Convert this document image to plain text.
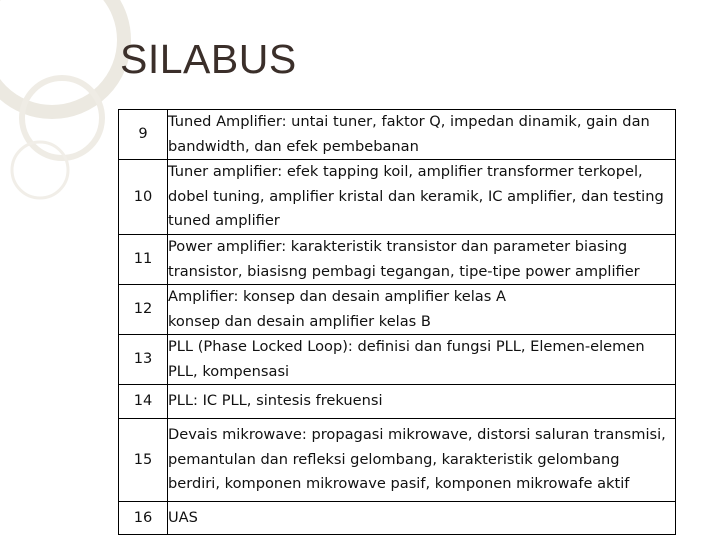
SILABUS
9	Tuned Amplifier: untai tuner, faktor Q, impedan dinamik, gain dan
bandwidth, dan efek pembebanan

10	Tuner amplifier: efek tapping koil, amplifier transformer terkopel,
dobel tuning, amplifier kristal dan keramik, IC amplifier, dan testing
tuned amplifier

11	Power amplifier: karakteristik transistor dan parameter biasing
transistor, biasisng pembagi tegangan, tipe-tipe power amplifier

12	Amplifier: konsep dan desain amplifier kelas A
konsep dan desain amplifier kelas B

13	PLL (Phase Locked Loop): definisi dan fungsi PLL, Elemen-elemen
PLL, kompensasi

14	PLL: IC PLL, sintesis frekuensi

15	Devais mikrowave: propagasi mikrowave, distorsi saluran transmisi,
pemantulan dan refleksi gelombang, karakteristik gelombang
berdiri, komponen mikrowave pasif, komponen mikrowafe aktif

16	UAS
